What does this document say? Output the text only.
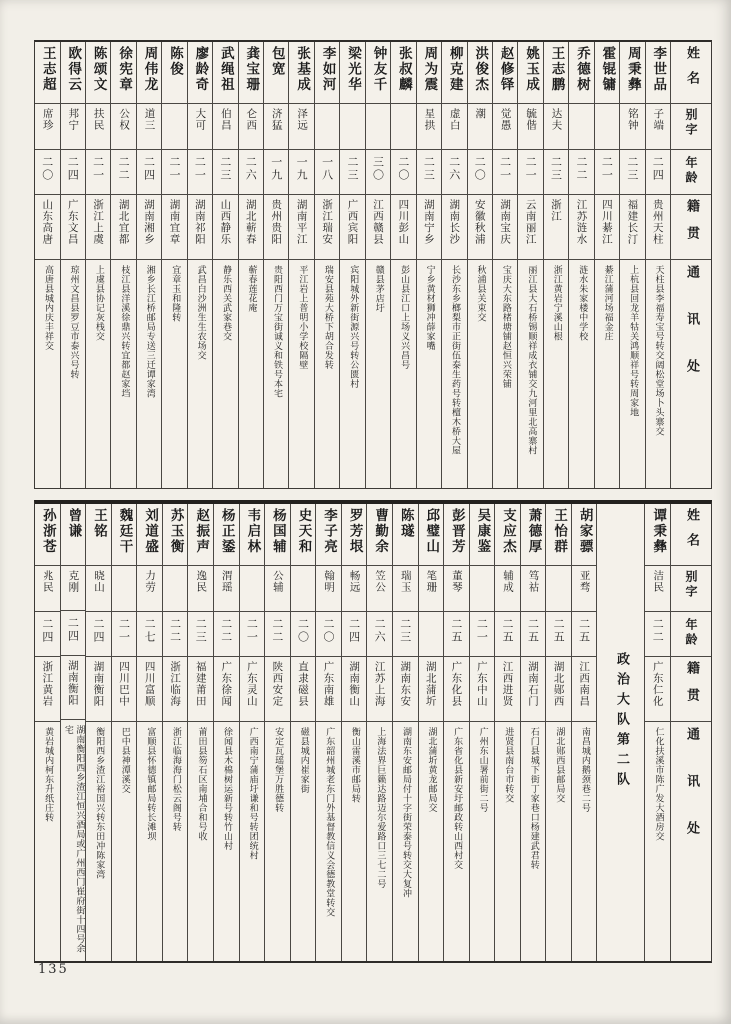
姓名
别字
年龄
籍贯
通讯处
李世品
子端
二四
贵州天柱
天柱县李福寿宝号转交阔松堂场卜头寨交
周秉彝
铭钟
二三
福建长汀
上杭县回龙羊牯关鸿顺祥号转周家地
霍锟镛
二一
四川綦江
綦江蒲河场福金庄
乔德树
二二
江苏涟水
涟水朱家楼中学校
王志鹏
达夫
二三
浙江
浙江黄岩宁溪山根
姚玉成
毓偕
二一
云南丽江
丽江县大石桥锡顺祥成衣铺交九河里北高寨村
赵修铎
觉愚
二一
湖南宝庆
宝庆大东路楮塘铺赵恒兴荣铺
洪俊杰
潮
二〇
安徽秋浦
秋浦县关束交
柳克建
虚白
二六
湖南长沙
长沙东乡榔梨市正街伍泰生药号转檀木桥大屋
周为震
星拱
二三
湖南宁乡
宁乡黄材狮冲薛家嘴
张叔麟
二〇
四川彭山
彭山县江口上场义兴昌号
钟友千
三〇
江西赣县
赣县茅店圩
梁光华
二三
广西宾阳
宾阳城外新街源兴号转公匮村
李如河
一八
浙江瑞安
瑞安县苑大桥下胡合发转
张基成
泽远
一九
湖南平江
平江岩上普明小学校隔壁
包宽
济猛
一九
贵州贵阳
贵阳西门万宝街诚义和铁号本宅
龚宝珊
仑西
二六
湖北蕲春
蕲春莲花庵
武绳祖
伯昌
二三
山西静乐
静乐西关武家巷交
廖龄奇
大可
二一
湖南祁阳
武昌白沙洲生生农场交
陈俊
二一
湖南宜章
宜章玉和隆转
周伟龙
道三
二四
湖南湘乡
湘乡长江桥邮局专送三迁谭家湾
徐宪章
公权
二二
湖北宜都
枝江县洋溪徐鼎兴转宜都赵家垱
陈颂文
扶民
二一
浙江上虞
上虞县协记灰栈交
欧得云
邦宁
二四
广东文昌
琼州文昌县罗豆市泰兴号转
王志超
席珍
二〇
山东高唐
高唐县城内庆丰祥交
姓名
别字
年龄
籍贯
通讯处
谭秉彝
洁民
二二
广东仁化
仁化扶溪市陈广发大酒房交
政治大队第二队
胡家骠
亚骛
二五
江西南昌
南昌城内鹅颈巷二号
王怡群
二五
湖北郧西
湖北郧西县邮局交
萧德厚
笃祜
二五
湖南石门
石门县城下街丁家巷口杨建武君转
支应杰
辅成
二五
江西进贤
进贤县南台市转交
吴康鉴
二一
广东中山
广州东山署前街二号
彭晋芳
董琴
二五
广东化县
广东省化县新安圩邮政转山西村交
邱璧山
笔珊
湖北蒲圻
湖北蒲圻黄龙邮局交
陈璲
瑞玉
二三
湖南东安
湖南东安邮局付十字街荣泰号转交大复冲
曹勤余
笠公
二六
江苏上海
上海法界巨籁达路迈尔爱路口三七二号
罗芳垠
畅远
二四
湖南衡山
衡山雷溪市邮局转
李子亮
翰明
二〇
广东南雄
广东韶州城老东门外基督教信义会德教堂转交
史天和
二〇
直隶磁县
磁县城内崔家街
杨国辅
公辅
二二
陕西安定
安定瓦瑶堡万胜德转
韦启林
二一
广东灵山
广西南宁蒲庙圩谦和号转团统村
杨正鋈
渭瑶
二二
广东徐闻
徐闻县木棉树运新号转竹山村
赵振声
逸民
二三
福建莆田
莆田县笏石区南埔合和号收
苏玉衡
二二
浙江临海
浙江临海海门松云阁号转
刘道盛
力劳
二七
四川富顺
富顺县怀德镇邮局转长滩坝
魏廷干
二一
四川巴中
巴中县神潭溪交
王铭
晓山
二四
湖南衡阳
衡阳西乡渣江裕国兴转东田冲陈家湾
曾谦
克刚
二四
湖南衡阳
湖南衡阳西乡渣江恒兴酒局或广州西门崔府街十四号余宅
孙浙苍
兆民
二四
浙江黄岩
黄岩城内柯东升纸庄转
135
